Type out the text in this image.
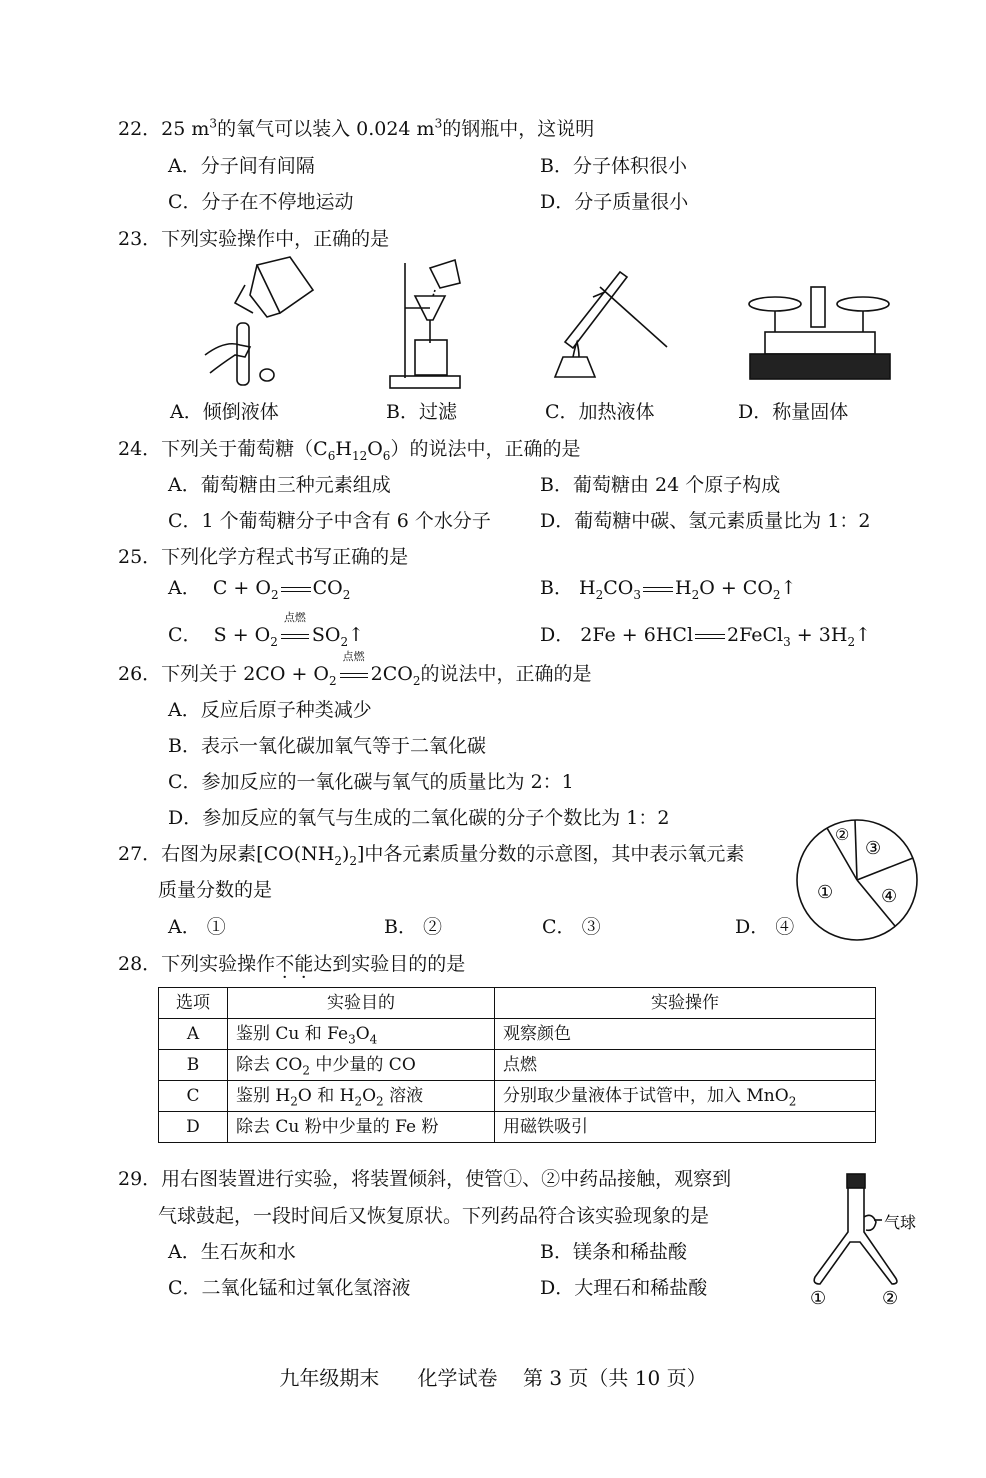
22．25 $m^3$的氧气可以装入 0.024 $m^3$的钢瓶中，这说明
A．分子间有间隔	B．分子体积很小
C．分子在不停地运动	D．分子质量很小
23．下列实验操作中，正确的是
A．倾倒液体	B．过滤	C．加热液体	D．称量固体
24．下列关于葡萄糖$(C_6H_{12}O_6)$的说法中，正确的是
A．葡萄糖由三种元素组成	B．葡萄糖由 24 个原子构成
C．1 个葡萄糖分子中含有 6 个水分子	D．葡萄糖中碳、氢元素质量比为 1：2
25．下列化学方程式书写正确的是
A． $C + O_2$ $CO_2$	B． $H_2CO_3$ $H_2O$ + $CO_2↑$
C． $S + O_2$
点燃
$SO_2↑$	D． 2Fe + 6HCl 2FeCl$_3$ + $3H_2↑$
26．下列关于 $2CO + O_2$
点燃
$2CO_2$的说法中，正确的是
A．反应后原子种类减少
B．表示一氧化碳加氧气等于二氧化碳
C．参加反应的一氧化碳与氧气的质量比为 2：1
D．参加反应的氧气与生成的二氧化碳的分子个数比为 1：2
27．右图为尿素$[CO(NH_2)_2]$中各元素质量分数的示意图，其中表示氧元素
质量分数的是
A． ①	B． ②	C． ③	D． ④
①
②
③
④
28．下列实验操作不能达到实验目的的是
选项	实验目的	实验操作
A	鉴别 Cu 和 $Fe_3O_4$	观察颜色
B	除去 $CO_2$ 中少量的 CO	点燃
C	鉴别 $H_2O$ 和 $H_2O_2$ 溶液	分别取少量液体于试管中，加入 MnO$_2$
D	除去 Cu 粉中少量的 Fe 粉	用磁铁吸引
29．用右图装置进行实验，将装置倾斜，使管①、②中药品接触，观察到
气球鼓起，一段时间后又恢复原状。下列药品符合该实验现象的是
A．生石灰和水	B．镁条和稀盐酸
C．二氧化锰和过氧化氢溶液	D．大理石和稀盐酸
气球
①	②
九年级期末      化学试卷    第 3 页（共 10 页）
